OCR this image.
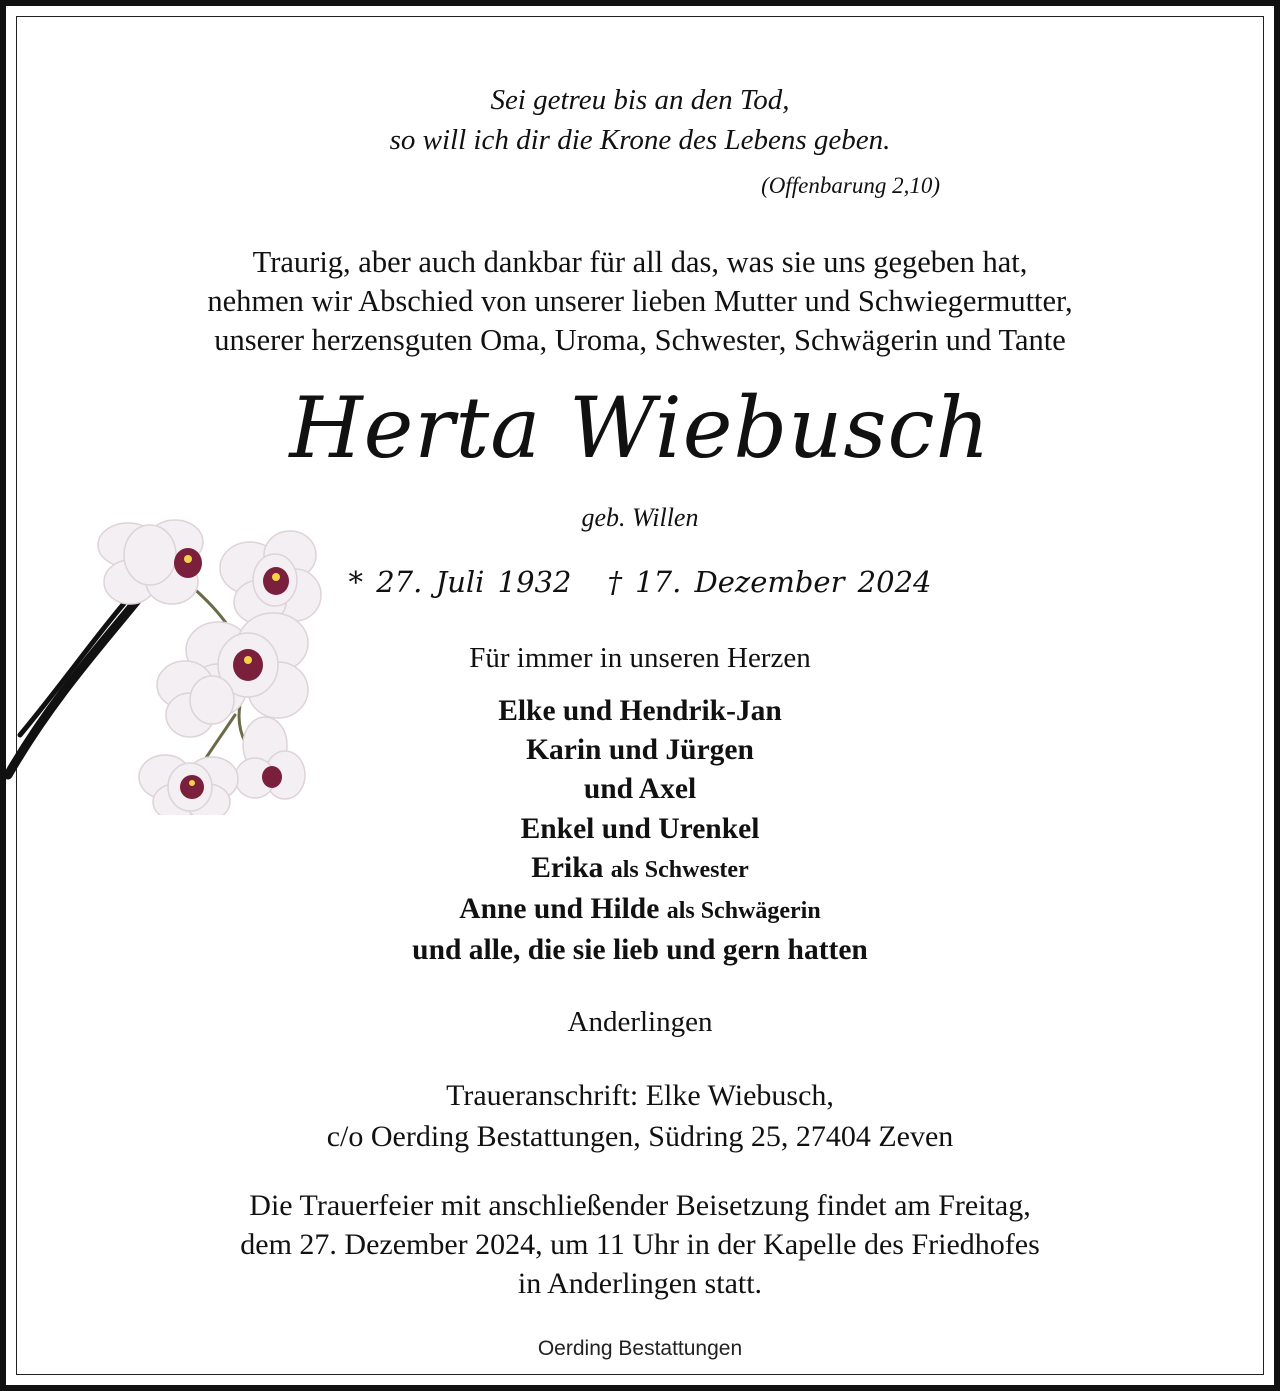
Sei getreu bis an den Tod,
so will ich dir die Krone des Lebens geben.
(Offenbarung 2,10)
Traurig, aber auch dankbar für all das, was sie uns gegeben hat,
nehmen wir Abschied von unserer lieben Mutter und Schwiegermutter,
unserer herzensguten Oma, Uroma, Schwester, Schwägerin und Tante
Herta Wiebusch
geb. Willen
* 27. Juli 1932 † 17. Dezember 2024
Für immer in unseren Herzen
Elke und Hendrik-Jan
Karin und Jürgen
und Axel
Enkel und Urenkel
Erika als Schwester
Anne und Hilde als Schwägerin
und alle, die sie lieb und gern hatten
Anderlingen
Traueranschrift: Elke Wiebusch,
c/o Oerding Bestattungen, Südring 25, 27404 Zeven
Die Trauerfeier mit anschließender Beisetzung findet am Freitag,
dem 27. Dezember 2024, um 11 Uhr in der Kapelle des Friedhofes
in Anderlingen statt.
Oerding Bestattungen
